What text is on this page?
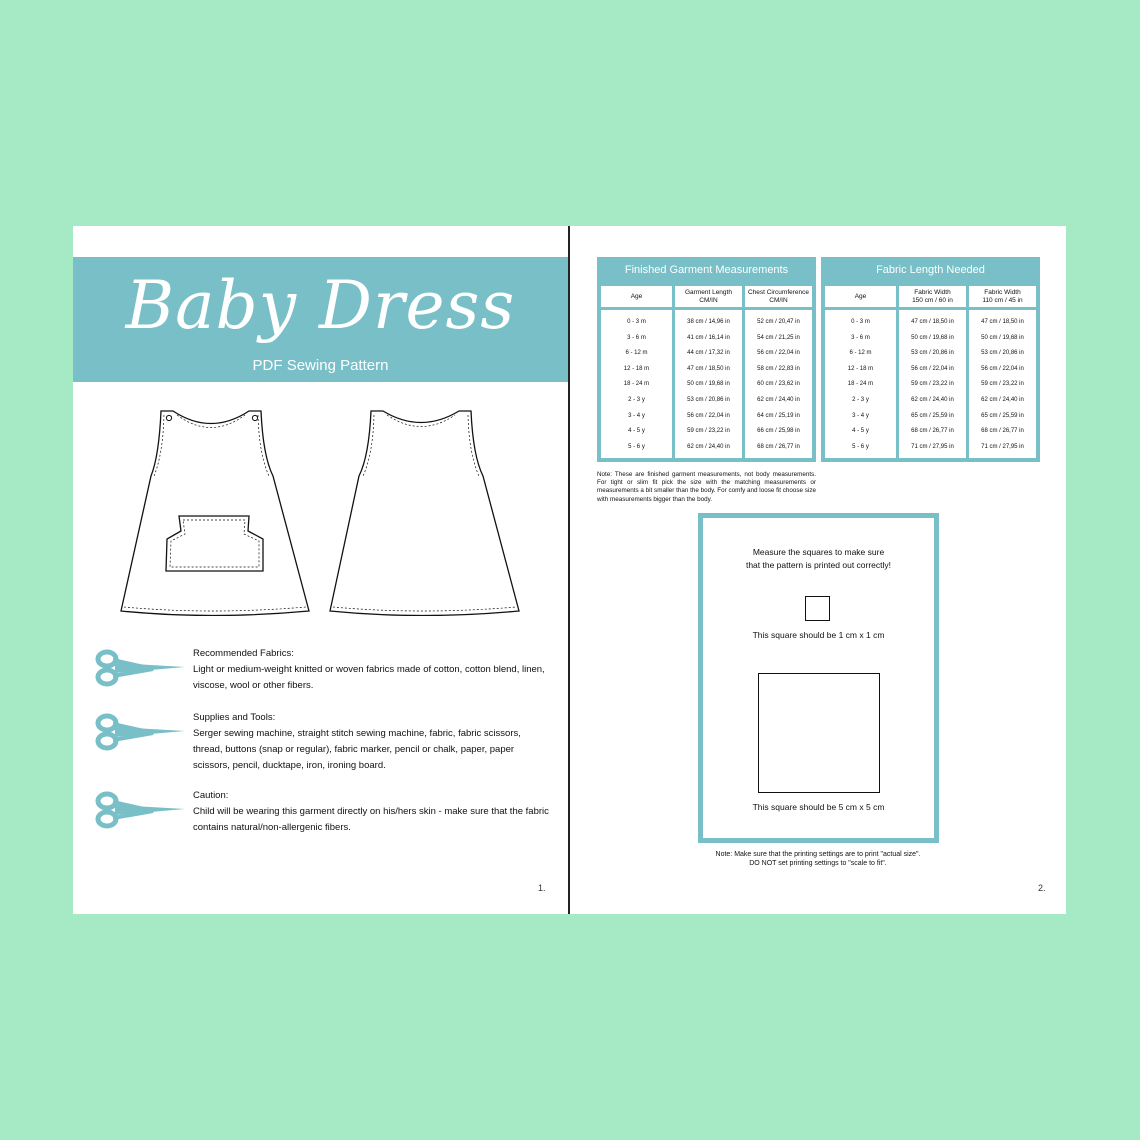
Baby Dress
PDF Sewing Pattern
Recommended Fabrics:
Light or medium-weight knitted or woven fabrics made of cotton, cotton blend, linen, viscose, wool or other fibers.
Supplies and Tools:
Serger sewing machine, straight stitch sewing machine, fabric, fabric scissors, thread, buttons (snap or regular), fabric marker, pencil or chalk, paper, paper scissors, pencil, ducktape, iron, ironing board.
Caution:
Child will be wearing this garment directly on his/hers skin - make sure that the fabric contains natural/non-allergenic fibers.
1.
Finished Garment Measurements
Age
0 - 3 m
3 - 6 m
6 - 12 m
12 - 18 m
18 - 24 m
2 - 3 y
3 - 4 y
4 - 5 y
5 - 6 y
Garment Length
CM/IN
38 cm / 14,96 in
41 cm / 16,14 in
44 cm / 17,32 in
47 cm / 18,50 in
50 cm / 19,68 in
53 cm / 20,86 in
56 cm / 22,04 in
59 cm / 23,22 in
62 cm / 24,40 in
Chest Circumference
CM/IN
52 cm / 20,47 in
54 cm / 21,25 in
56 cm / 22,04 in
58 cm / 22,83 in
60 cm / 23,62 in
62 cm / 24,40 in
64 cm / 25,19 in
66 cm / 25,98 in
68 cm / 26,77 in
Note: These are finished garment measurements, not body measurements. For tight or slim fit pick the size with the matching measurements or measurements a bit smaller than the body. For comfy and loose fit choose size with measurements bigger than the body.
Fabric Length Needed
Age
0 - 3 m
3 - 6 m
6 - 12 m
12 - 18 m
18 - 24 m
2 - 3 y
3 - 4 y
4 - 5 y
5 - 6 y
Fabric Width
150 cm / 60 in
47 cm / 18,50 in
50 cm / 19,68 in
53 cm / 20,86 in
56 cm / 22,04 in
59 cm / 23,22 in
62 cm / 24,40 in
65 cm / 25,59 in
68 cm / 26,77 in
71 cm / 27,95 in
Fabric Width
110 cm / 45 in
47 cm / 18,50 in
50 cm / 19,68 in
53 cm / 20,86 in
56 cm / 22,04 in
59 cm / 23,22 in
62 cm / 24,40 in
65 cm / 25,59 in
68 cm / 26,77 in
71 cm / 27,95 in
Measure the squares to make sure
that the pattern is printed out correctly!
This square should be 1 cm x 1 cm
This square should be 5 cm x 5 cm
Note: Make sure that the printing settings are to print "actual size".
DO NOT set printing settings to "scale to fit".
2.
